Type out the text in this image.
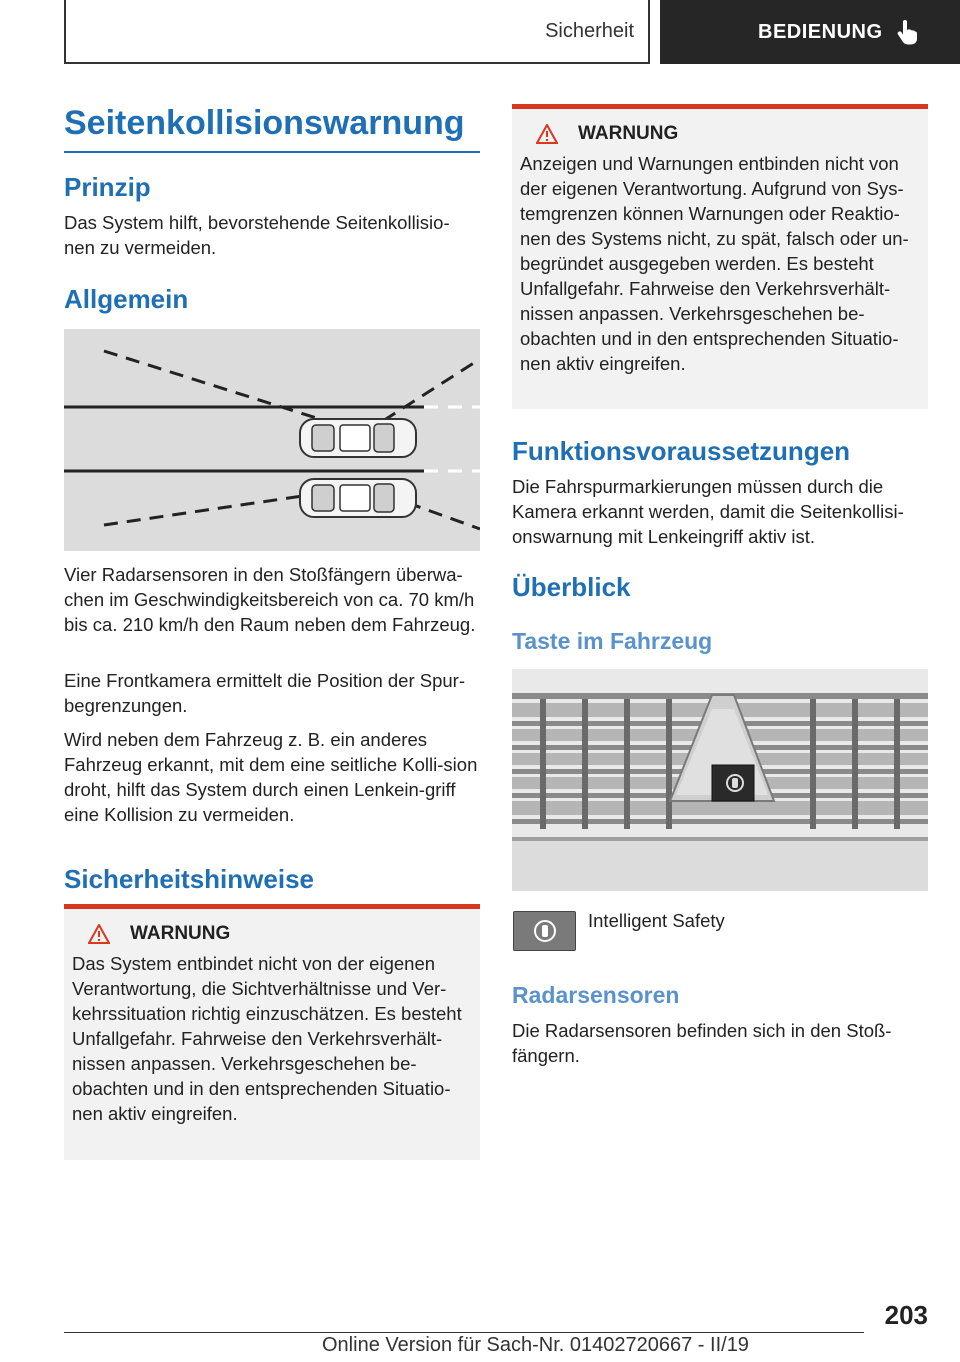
Sicherheit	BEDIENUNG
Seitenkollisionswarnung
Prinzip
Das System hilft, bevorstehende Seitenkollisio-nen zu vermeiden.
Allgemein
Vier Radarsensoren in den Stoßfängern überwa-chen im Geschwindigkeitsbereich von ca. 70 km/h bis ca. 210 km/h den Raum neben dem Fahrzeug.
Eine Frontkamera ermittelt die Position der Spur-begrenzungen.
Wird neben dem Fahrzeug z. B. ein anderes Fahrzeug erkannt, mit dem eine seitliche Kolli-sion droht, hilft das System durch einen Lenkein-griff eine Kollision zu vermeiden.
Sicherheitshinweise
WARNUNG
Das System entbindet nicht von der eigenen Verantwortung, die Sichtverhältnisse und Ver-kehrssituation richtig einzuschätzen. Es besteht Unfallgefahr. Fahrweise den Verkehrsverhält-nissen anpassen. Verkehrsgeschehen be-obachten und in den entsprechenden Situatio-nen aktiv eingreifen.
WARNUNG
Anzeigen und Warnungen entbinden nicht von der eigenen Verantwortung. Aufgrund von Sys-temgrenzen können Warnungen oder Reaktio-nen des Systems nicht, zu spät, falsch oder un-begründet ausgegeben werden. Es besteht Unfallgefahr. Fahrweise den Verkehrsverhält-nissen anpassen. Verkehrsgeschehen be-obachten und in den entsprechenden Situatio-nen aktiv eingreifen.
Funktionsvoraussetzungen
Die Fahrspurmarkierungen müssen durch die Kamera erkannt werden, damit die Seitenkollisi-onswarnung mit Lenkeingriff aktiv ist.
Überblick
Taste im Fahrzeug
Intelligent Safety
Radarsensoren
Die Radarsensoren befinden sich in den Stoß-fängern.
203
Online Version für Sach-Nr. 01402720667 - II/19
